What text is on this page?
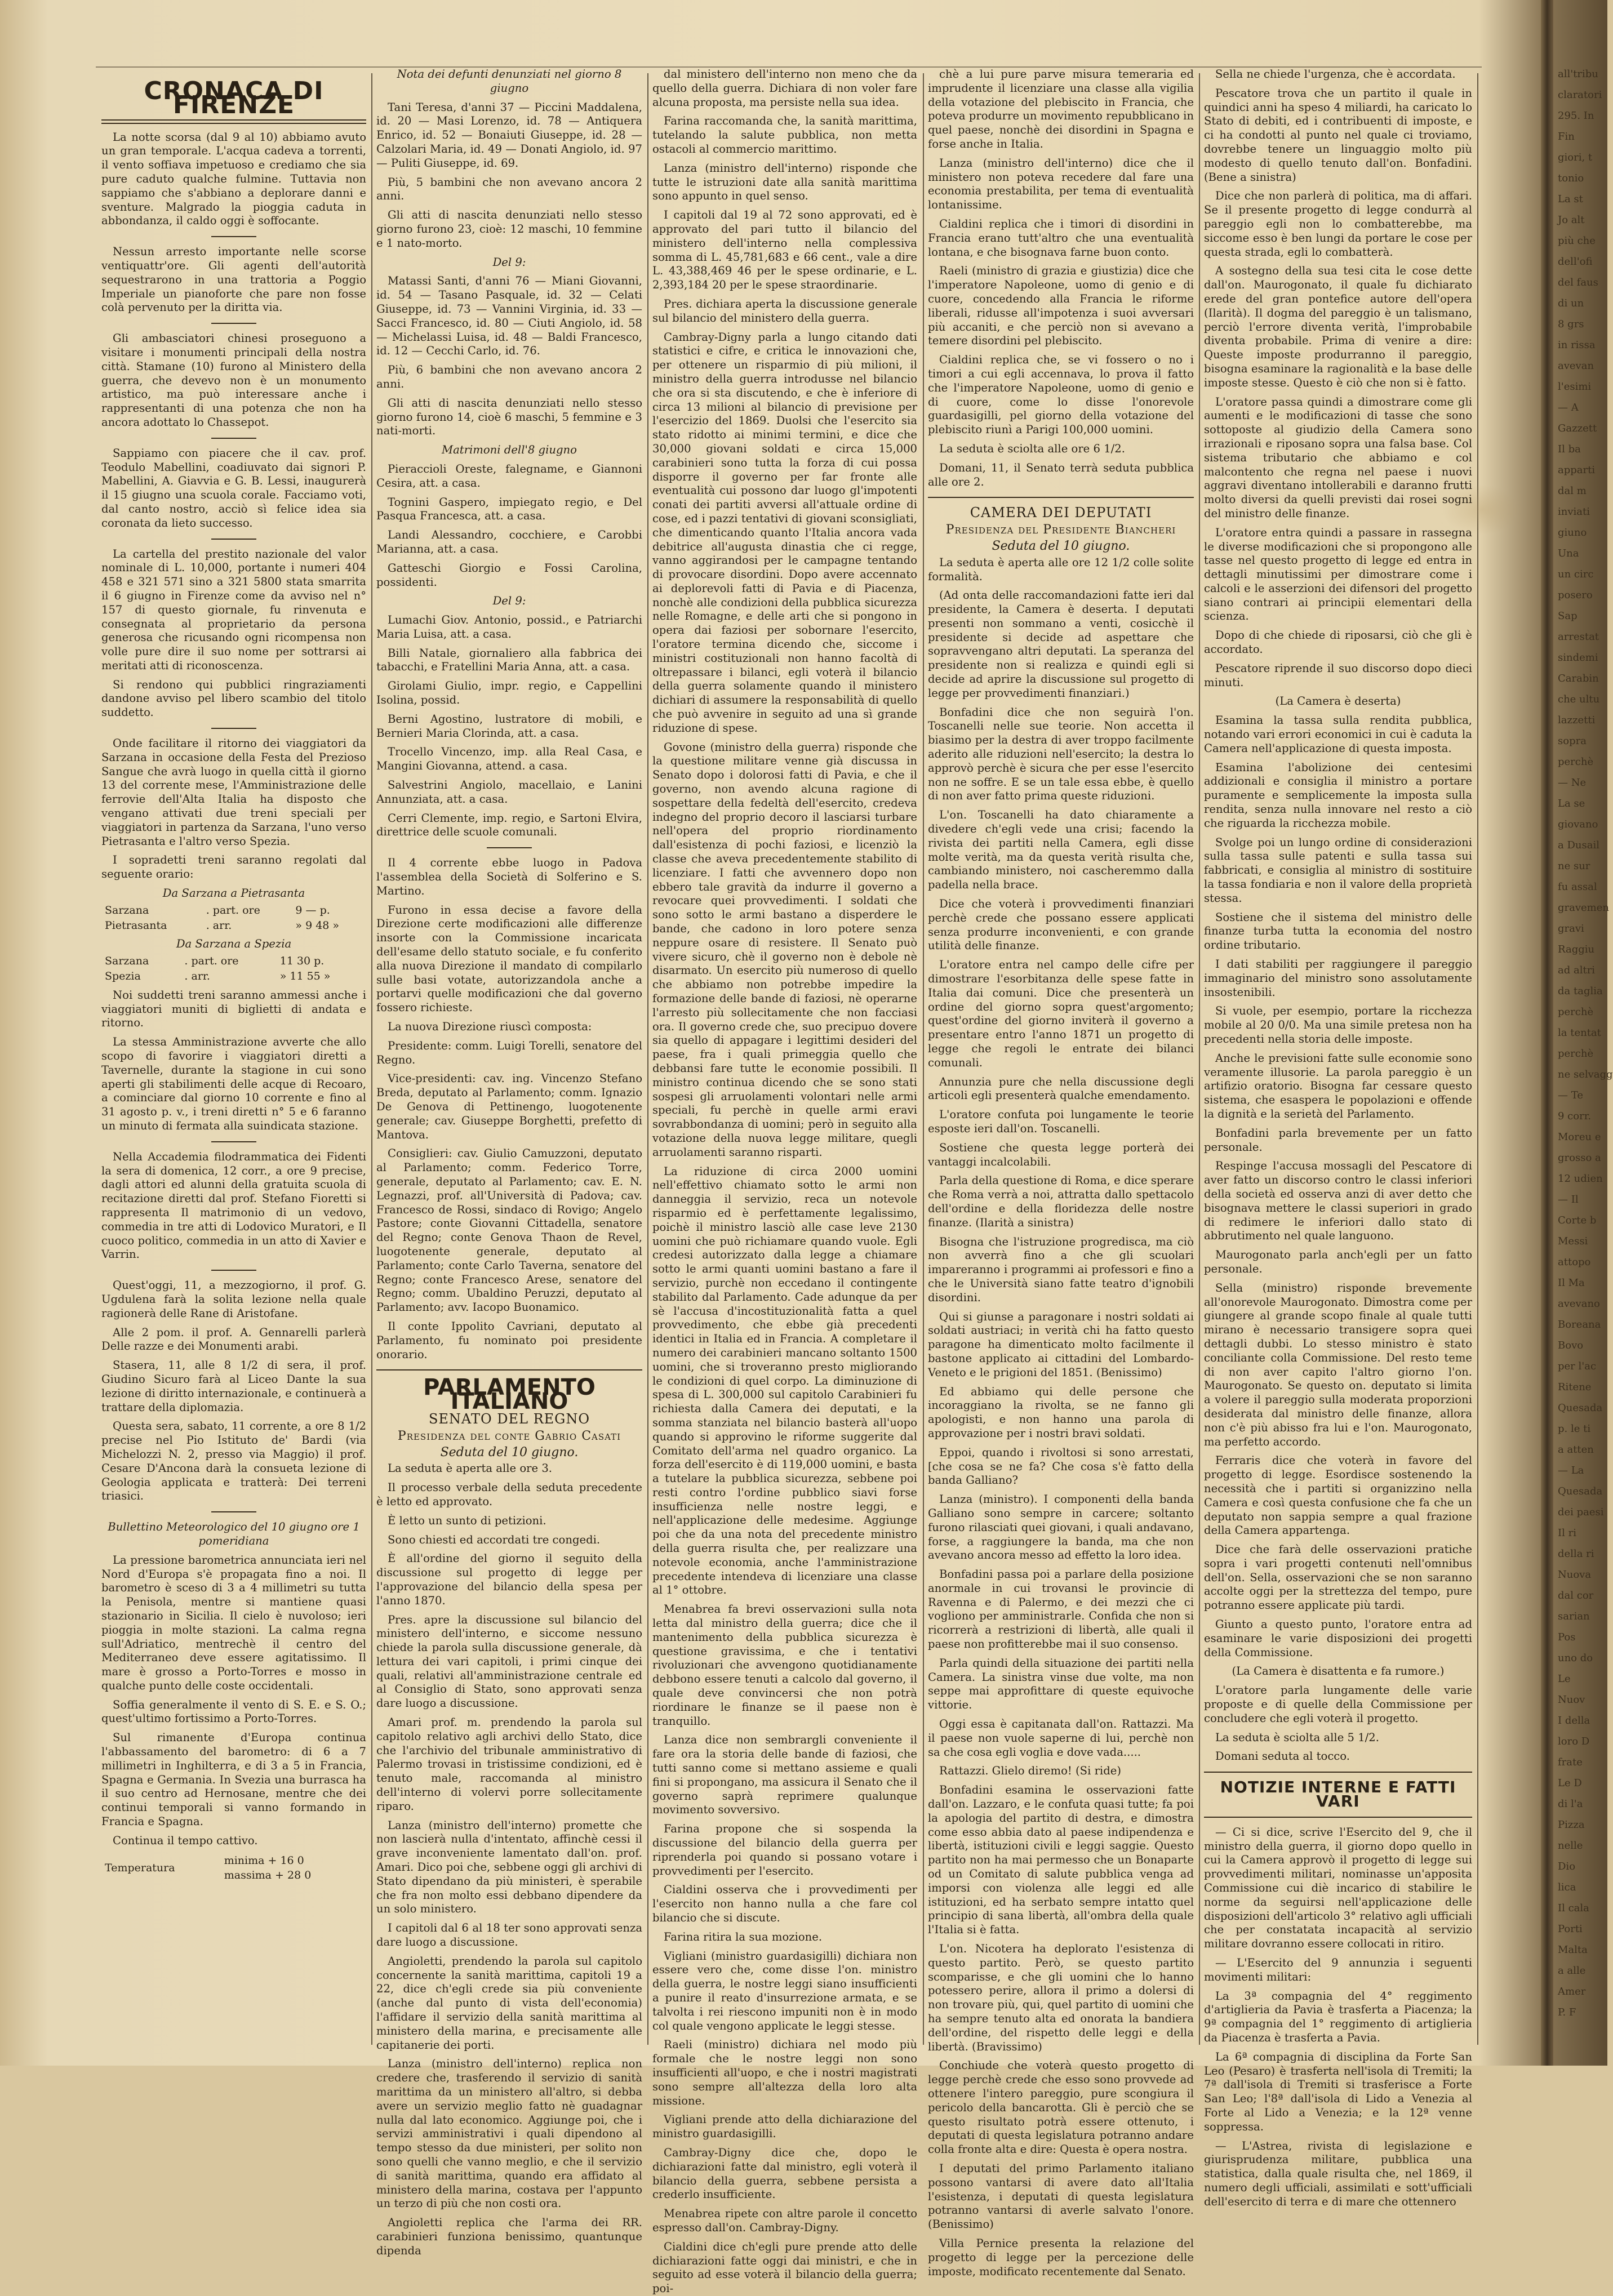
CRONACA DI FIRENZE

La notte scorsa (dal 9 al 10) abbiamo avuto un gran temporale. L'acqua cadeva a torrenti, il vento soffiava impetuoso e crediamo che sia pure caduto qualche fulmine. Tuttavia non sappiamo che s'abbiano a deplorare danni e sventure. Malgrado la pioggia caduta in abbondanza, il caldo oggi è soffocante.

Nessun arresto importante nelle scorse ventiquattr'ore. Gli agenti dell'autorità sequestrarono in una trattoria a Poggio Imperiale un pianoforte che pare non fosse colà pervenuto per la diritta via.

Gli ambasciatori chinesi proseguono a visitare i monumenti principali della nostra città. Stamane (10) furono al Ministero della guerra, che devevo non è un monumento artistico, ma può interessare anche i rappresentanti di una potenza che non ha ancora adottato lo Chassepot.

Sappiamo con piacere che il cav. prof. Teodulo Mabellini, coadiuvato dai signori P. Mabellini, A. Giavvia e G. B. Lessi, inaugurerà il 15 giugno una scuola corale. Facciamo voti, dal canto nostro, acciò sì felice idea sia coronata da lieto successo.

La cartella del prestito nazionale del valor nominale di L. 10,000, portante i numeri 404 458 e 321 571 sino a 321 5800 stata smarrita il 6 giugno in Firenze come da avviso nel n° 157 di questo giornale, fu rinvenuta e consegnata al proprietario da persona generosa che ricusando ogni ricompensa non volle pure dire il suo nome per sottrarsi ai meritati atti di riconoscenza.

Si rendono qui pubblici ringraziamenti dandone avviso pel libero scambio del titolo suddetto.

Onde facilitare il ritorno dei viaggiatori da Sarzana in occasione della Festa del Prezioso Sangue che avrà luogo in quella città il giorno 13 del corrente mese, l'Amministrazione delle ferrovie dell'Alta Italia ha disposto che vengano attivati due treni speciali per viaggiatori in partenza da Sarzana, l'uno verso Pietrasanta e l'altro verso Spezia.

I sopradetti treni saranno regolati dal seguente orario:

Da Sarzana a Pietrasanta
Sarzana	. part. ore	9 — p.
Pietrasanta	. arr.	» 9 48 »
Da Sarzana a Spezia
Sarzana	. part. ore	11 30 p.
Spezia	. arr.	» 11 55 »

Noi suddetti treni saranno ammessi anche i viaggiatori muniti di biglietti di andata e ritorno.

La stessa Amministrazione avverte che allo scopo di favorire i viaggiatori diretti a Tavernelle, durante la stagione in cui sono aperti gli stabilimenti delle acque di Recoaro, a cominciare dal giorno 10 corrente e fino al 31 agosto p. v., i treni diretti n° 5 e 6 faranno un minuto di fermata alla suindicata stazione.

Nella Accademia filodrammatica dei Fidenti la sera di domenica, 12 corr., a ore 9 precise, dagli attori ed alunni della gratuita scuola di recitazione diretti dal prof. Stefano Fioretti si rappresenta Il matrimonio di un vedovo, commedia in tre atti di Lodovico Muratori, e Il cuoco politico, commedia in un atto di Xavier e Varrin.

Quest'oggi, 11, a mezzogiorno, il prof. G. Ugdulena farà la solita lezione nella quale ragionerà delle Rane di Aristofane.

Alle 2 pom. il prof. A. Gennarelli parlerà Delle razze e dei Monumenti arabi.

Stasera, 11, alle 8 1/2 di sera, il prof. Giudino Sicuro farà al Liceo Dante la sua lezione di diritto internazionale, e continuerà a trattare della diplomazia.

Questa sera, sabato, 11 corrente, a ore 8 1/2 precise nel Pio Istituto de' Bardi (via Michelozzi N. 2, presso via Maggio) il prof. Cesare D'Ancona darà la consueta lezione di Geologia applicata e tratterà: Dei terreni triasici.

Bullettino Meteorologico del 10 giugno ore 1 pomeridiana

La pressione barometrica annunciata ieri nel Nord d'Europa s'è propagata fino a noi. Il barometro è sceso di 3 a 4 millimetri su tutta la Penisola, mentre si mantiene quasi stazionario in Sicilia. Il cielo è nuvoloso; ieri pioggia in molte stazioni. La calma regna sull'Adriatico, mentrechè il centro del Mediterraneo deve essere agitatissimo. Il mare è grosso a Porto-Torres e mosso in qualche punto delle coste occidentali.

Soffia generalmente il vento di S. E. e S. O.; quest'ultimo fortissimo a Porto-Torres.

Sul rimanente d'Europa continua l'abbassamento del barometro: di 6 a 7 millimetri in Inghilterra, e di 3 a 5 in Francia, Spagna e Germania. In Svezia una burrasca ha il suo centro ad Hernosane, mentre che dei continui temporali si vanno formando in Francia e Spagna.

Continua il tempo cattivo.

Temperatura	minima + 16 0
massima + 28 0

Nota dei defunti denunziati nel giorno 8 giugno

Tani Teresa, d'anni 37 — Piccini Maddalena, id. 20 — Masi Lorenzo, id. 78 — Antiquera Enrico, id. 52 — Bonaiuti Giuseppe, id. 28 — Calzolari Maria, id. 49 — Donati Angiolo, id. 97 — Puliti Giuseppe, id. 69.

Più, 5 bambini che non avevano ancora 2 anni.

Gli atti di nascita denunziati nello stesso giorno furono 23, cioè: 12 maschi, 10 femmine e 1 nato-morto.

Del 9:

Matassi Santi, d'anni 76 — Miani Giovanni, id. 54 — Tasano Pasquale, id. 32 — Celati Giuseppe, id. 73 — Vannini Virginia, id. 33 — Sacci Francesco, id. 80 — Ciuti Angiolo, id. 58 — Michelassi Luisa, id. 48 — Baldi Francesco, id. 12 — Cecchi Carlo, id. 76.

Più, 6 bambini che non avevano ancora 2 anni.

Gli atti di nascita denunziati nello stesso giorno furono 14, cioè 6 maschi, 5 femmine e 3 nati-morti.

Matrimoni dell'8 giugno

Pieraccioli Oreste, falegname, e Giannoni Cesira, att. a casa.

Tognini Gaspero, impiegato regio, e Del Pasqua Francesca, att. a casa.

Landi Alessandro, cocchiere, e Carobbi Marianna, att. a casa.

Gatteschi Giorgio e Fossi Carolina, possidenti.

Del 9:

Lumachi Giov. Antonio, possid., e Patriarchi Maria Luisa, att. a casa.

Billi Natale, giornaliero alla fabbrica dei tabacchi, e Fratellini Maria Anna, att. a casa.

Girolami Giulio, impr. regio, e Cappellini Isolina, possid.

Berni Agostino, lustratore di mobili, e Bernieri Maria Clorinda, att. a casa.

Trocello Vincenzo, imp. alla Real Casa, e Mangini Giovanna, attend. a casa.

Salvestrini Angiolo, macellaio, e Lanini Annunziata, att. a casa.

Cerri Clemente, imp. regio, e Sartoni Elvira, direttrice delle scuole comunali.

Il 4 corrente ebbe luogo in Padova l'assemblea della Società di Solferino e S. Martino.

Furono in essa decise a favore della Direzione certe modificazioni alle differenze insorte con la Commissione incaricata dell'esame dello statuto sociale, e fu conferito alla nuova Direzione il mandato di compilarlo sulle basi votate, autorizzandola anche a portarvi quelle modificazioni che dal governo fossero richieste.

La nuova Direzione riuscì composta:

Presidente: comm. Luigi Torelli, senatore del Regno.

Vice-presidenti: cav. ing. Vincenzo Stefano Breda, deputato al Parlamento; comm. Ignazio De Genova di Pettinengo, luogotenente generale; cav. Giuseppe Borghetti, prefetto di Mantova.

Consiglieri: cav. Giulio Camuzzoni, deputato al Parlamento; comm. Federico Torre, generale, deputato al Parlamento; cav. E. N. Legnazzi, prof. all'Università di Padova; cav. Francesco de Rossi, sindaco di Rovigo; Angelo Pastore; conte Giovanni Cittadella, senatore del Regno; conte Genova Thaon de Revel, luogotenente generale, deputato al Parlamento; conte Carlo Taverna, senatore del Regno; conte Francesco Arese, senatore del Regno; comm. Ubaldino Peruzzi, deputato al Parlamento; avv. Iacopo Buonamico.

Il conte Ippolito Cavriani, deputato al Parlamento, fu nominato poi presidente onorario.

PARLAMENTO ITALIANO
SENATO DEL REGNO
Presidenza del conte Gabrio Casati
Seduta del 10 giugno.

La seduta è aperta alle ore 3.

Il processo verbale della seduta precedente è letto ed approvato.

È letto un sunto di petizioni.

Sono chiesti ed accordati tre congedi.

È all'ordine del giorno il seguito della discussione sul progetto di legge per l'approvazione del bilancio della spesa per l'anno 1870.

Pres. apre la discussione sul bilancio del ministero dell'interno, e siccome nessuno chiede la parola sulla discussione generale, dà lettura dei vari capitoli, i primi cinque dei quali, relativi all'amministrazione centrale ed al Consiglio di Stato, sono approvati senza dare luogo a discussione.

Amari prof. m. prendendo la parola sul capitolo relativo agli archivi dello Stato, dice che l'archivio del tribunale amministrativo di Palermo trovasi in tristissime condizioni, ed è tenuto male, raccomanda al ministro dell'interno di volervi porre sollecitamente riparo.

Lanza (ministro dell'interno) promette che non lascierà nulla d'intentato, affinchè cessi il grave inconveniente lamentato dall'on. prof. Amari. Dico poi che, sebbene oggi gli archivi di Stato dipendano da più ministeri, è sperabile che fra non molto essi debbano dipendere da un solo ministero.

I capitoli dal 6 al 18 ter sono approvati senza dare luogo a discussione.

Angioletti, prendendo la parola sul capitolo concernente la sanità marittima, capitoli 19 a 22, dice ch'egli crede sia più conveniente (anche dal punto di vista dell'economia) l'affidare il servizio della sanità marittima al ministero della marina, e precisamente alle capitanerie dei porti.

Lanza (ministro dell'interno) replica non credere che, trasferendo il servizio di sanità marittima da un ministero all'altro, si debba avere un servizio meglio fatto nè guadagnar nulla dal lato economico. Aggiunge poi, che i servizi amministrativi i quali dipendono al tempo stesso da due ministeri, per solito non sono quelli che vanno meglio, e che il servizio di sanità marittima, quando era affidato al ministero della marina, costava per l'appunto un terzo di più che non costi ora.

Angioletti replica che l'arma dei RR. carabinieri funziona benissimo, quantunque dipenda

dal ministero dell'interno non meno che da quello della guerra. Dichiara di non voler fare alcuna proposta, ma persiste nella sua idea.

Farina raccomanda che, la sanità marittima, tutelando la salute pubblica, non metta ostacoli al commercio marittimo.

Lanza (ministro dell'interno) risponde che tutte le istruzioni date alla sanità marittima sono appunto in quel senso.

I capitoli dal 19 al 72 sono approvati, ed è approvato del pari tutto il bilancio del ministero dell'interno nella complessiva somma di L. 45,781,683 e 66 cent., vale a dire L. 43,388,469 46 per le spese ordinarie, e L. 2,393,184 20 per le spese straordinarie.

Pres. dichiara aperta la discussione generale sul bilancio del ministero della guerra.

Cambray-Digny parla a lungo citando dati statistici e cifre, e critica le innovazioni che, per ottenere un risparmio di più milioni, il ministro della guerra introdusse nel bilancio che ora si sta discutendo, e che è inferiore di circa 13 milioni al bilancio di previsione per l'esercizio del 1869. Duolsi che l'esercito sia stato ridotto ai minimi termini, e dice che 30,000 giovani soldati e circa 15,000 carabinieri sono tutta la forza di cui possa disporre il governo per far fronte alle eventualità cui possono dar luogo gl'impotenti conati dei partiti avversi all'attuale ordine di cose, ed i pazzi tentativi di giovani sconsigliati, che dimenticando quanto l'Italia ancora vada debitrice all'augusta dinastia che ci regge, vanno aggirandosi per le campagne tentando di provocare disordini. Dopo avere accennato ai deplorevoli fatti di Pavia e di Piacenza, nonchè alle condizioni della pubblica sicurezza nelle Romagne, e delle arti che si pongono in opera dai faziosi per sobornare l'esercito, l'oratore termina dicendo che, siccome i ministri costituzionali non hanno facoltà di oltrepassare i bilanci, egli voterà il bilancio della guerra solamente quando il ministero dichiari di assumere la responsabilità di quello che può avvenire in seguito ad una sì grande riduzione di spese.

Govone (ministro della guerra) risponde che la questione militare venne già discussa in Senato dopo i dolorosi fatti di Pavia, e che il governo, non avendo alcuna ragione di sospettare della fedeltà dell'esercito, credeva indegno del proprio decoro il lasciarsi turbare nell'opera del proprio riordinamento dall'esistenza di pochi faziosi, e licenziò la classe che aveva precedentemente stabilito di licenziare. I fatti che avvennero dopo non ebbero tale gravità da indurre il governo a revocare quei provvedimenti. I soldati che sono sotto le armi bastano a disperdere le bande, che cadono in loro potere senza neppure osare di resistere. Il Senato può vivere sicuro, chè il governo non è debole nè disarmato. Un esercito più numeroso di quello che abbiamo non potrebbe impedire la formazione delle bande di faziosi, nè operarne l'arresto più sollecitamente che non facciasi ora. Il governo crede che, suo precipuo dovere sia quello di appagare i legittimi desideri del paese, fra i quali primeggia quello che debbansi fare tutte le economie possibili. Il ministro continua dicendo che se sono stati sospesi gli arruolamenti volontari nelle armi speciali, fu perchè in quelle armi eravi sovrabbondanza di uomini; però in seguito alla votazione della nuova legge militare, quegli arruolamenti saranno risparti.

La riduzione di circa 2000 uomini nell'effettivo chiamato sotto le armi non danneggia il servizio, reca un notevole risparmio ed è perfettamente legalissimo, poichè il ministro lasciò alle case leve 2130 uomini che può richiamare quando vuole. Egli credesi autorizzato dalla legge a chiamare sotto le armi quanti uomini bastano a fare il servizio, purchè non eccedano il contingente stabilito dal Parlamento. Cade adunque da per sè l'accusa d'incostituzionalità fatta a quel provvedimento, che ebbe già precedenti identici in Italia ed in Francia. A completare il numero dei carabinieri mancano soltanto 1500 uomini, che si troveranno presto migliorando le condizioni di quel corpo. La diminuzione di spesa di L. 300,000 sul capitolo Carabinieri fu richiesta dalla Camera dei deputati, e la somma stanziata nel bilancio basterà all'uopo quando si approvino le riforme suggerite dal Comitato dell'arma nel quadro organico. La forza dell'esercito è di 119,000 uomini, e basta a tutelare la pubblica sicurezza, sebbene poi resti contro l'ordine pubblico siavi forse insufficienza nelle nostre leggi, e nell'applicazione delle medesime. Aggiunge poi che da una nota del precedente ministro della guerra risulta che, per realizzare una notevole economia, anche l'amministrazione precedente intendeva di licenziare una classe al 1° ottobre.

Menabrea fa brevi osservazioni sulla nota letta dal ministro della guerra; dice che il mantenimento della pubblica sicurezza è questione gravissima, e che i tentativi rivoluzionari che avvengono quotidianamente debbono essere tenuti a calcolo dal governo, il quale deve convincersi che non potrà riordinare le finanze se il paese non è tranquillo.

Lanza dice non sembrargli conveniente il fare ora la storia delle bande di faziosi, che tutti sanno come si mettano assieme e quali fini si propongano, ma assicura il Senato che il governo saprà reprimere qualunque movimento sovversivo.

Farina propone che si sospenda la discussione del bilancio della guerra per riprenderla poi quando si possano votare i provvedimenti per l'esercito.

Cialdini osserva che i provvedimenti per l'esercito non hanno nulla a che fare col bilancio che si discute.

Farina ritira la sua mozione.

Vigliani (ministro guardasigilli) dichiara non essere vero che, come disse l'on. ministro della guerra, le nostre leggi siano insufficienti a punire il reato d'insurrezione armata, e se talvolta i rei riescono impuniti non è in modo col quale vengono applicate le leggi stesse.

Raeli (ministro) dichiara nel modo più formale che le nostre leggi non sono insufficienti all'uopo, e che i nostri magistrati sono sempre all'altezza della loro alta missione.

Vigliani prende atto della dichiarazione del ministro guardasigilli.

Cambray-Digny dice che, dopo le dichiarazioni fatte dal ministro, egli voterà il bilancio della guerra, sebbene persista a crederlo insufficiente.

Menabrea ripete con altre parole il concetto espresso dall'on. Cambray-Digny.

Cialdini dice ch'egli pure prende atto delle dichiarazioni fatte oggi dai ministri, e che in seguito ad esse voterà il bilancio della guerra; poi-

chè a lui pure parve misura temeraria ed imprudente il licenziare una classe alla vigilia della votazione del plebiscito in Francia, che poteva produrre un movimento repubblicano in quel paese, nonchè dei disordini in Spagna e forse anche in Italia.

Lanza (ministro dell'interno) dice che il ministero non poteva recedere dal fare una economia prestabilita, per tema di eventualità lontanissime.

Cialdini replica che i timori di disordini in Francia erano tutt'altro che una eventualità lontana, e che bisognava farne buon conto.

Raeli (ministro di grazia e giustizia) dice che l'imperatore Napoleone, uomo di genio e di cuore, concedendo alla Francia le riforme liberali, ridusse all'impotenza i suoi avversari più accaniti, e che perciò non si avevano a temere disordini pel plebiscito.

Cialdini replica che, se vi fossero o no i timori a cui egli accennava, lo prova il fatto che l'imperatore Napoleone, uomo di genio e di cuore, come lo disse l'onorevole guardasigilli, pel giorno della votazione del plebiscito riunì a Parigi 100,000 uomini.

La seduta è sciolta alle ore 6 1/2.

Domani, 11, il Senato terrà seduta pubblica alle ore 2.

CAMERA DEI DEPUTATI
Presidenza del Presidente Biancheri
Seduta del 10 giugno.

La seduta è aperta alle ore 12 1/2 colle solite formalità.

(Ad onta delle raccomandazioni fatte ieri dal presidente, la Camera è deserta. I deputati presenti non sommano a venti, cosicchè il presidente si decide ad aspettare che sopravvengano altri deputati. La speranza del presidente non si realizza e quindi egli si decide ad aprire la discussione sul progetto di legge per provvedimenti finanziari.)

Bonfadini dice che non seguirà l'on. Toscanelli nelle sue teorie. Non accetta il biasimo per la destra di aver troppo facilmente aderito alle riduzioni nell'esercito; la destra lo approvò perchè è sicura che per esse l'esercito non ne soffre. E se un tale essa ebbe, è quello di non aver fatto prima queste riduzioni.

L'on. Toscanelli ha dato chiaramente a divedere ch'egli vede una crisi; facendo la rivista dei partiti nella Camera, egli disse molte verità, ma da questa verità risulta che, cambiando ministero, noi cascheremmo dalla padella nella brace.

Dice che voterà i provvedimenti finanziari perchè crede che possano essere applicati senza produrre inconvenienti, e con grande utilità delle finanze.

L'oratore entra nel campo delle cifre per dimostrare l'esorbitanza delle spese fatte in Italia dai comuni. Dice che presenterà un ordine del giorno sopra quest'argomento; quest'ordine del giorno inviterà il governo a presentare entro l'anno 1871 un progetto di legge che regoli le entrate dei bilanci comunali.

Annunzia pure che nella discussione degli articoli egli presenterà qualche emendamento.

L'oratore confuta poi lungamente le teorie esposte ieri dall'on. Toscanelli.

Sostiene che questa legge porterà dei vantaggi incalcolabili.

Parla della questione di Roma, e dice sperare che Roma verrà a noi, attratta dallo spettacolo dell'ordine e della floridezza delle nostre finanze. (Ilarità a sinistra)

Bisogna che l'istruzione progredisca, ma ciò non avverrà fino a che gli scuolari impareranno i programmi ai professori e fino a che le Università siano fatte teatro d'ignobili disordini.

Qui si giunse a paragonare i nostri soldati ai soldati austriaci; in verità chi ha fatto questo paragone ha dimenticato molto facilmente il bastone applicato ai cittadini del Lombardo-Veneto e le prigioni del 1851. (Benissimo)

Ed abbiamo qui delle persone che incoraggiano la rivolta, se ne fanno gli apologisti, e non hanno una parola di approvazione per i nostri bravi soldati.

Eppoi, quando i rivoltosi si sono arrestati, [che cosa se ne fa? Che cosa s'è fatto della banda Galliano?

Lanza (ministro). I componenti della banda Galliano sono sempre in carcere; soltanto furono rilasciati quei giovani, i quali andavano, forse, a raggiungere la banda, ma che non avevano ancora messo ad effetto la loro idea.

Bonfadini passa poi a parlare della posizione anormale in cui trovansi le provincie di Ravenna e di Palermo, e dei mezzi che ci vogliono per amministrarle. Confida che non si ricorrerà a restrizioni di libertà, alle quali il paese non profitterebbe mai il suo consenso.

Parla quindi della situazione dei partiti nella Camera. La sinistra vinse due volte, ma non seppe mai approfittare di queste equivoche vittorie.

Oggi essa è capitanata dall'on. Rattazzi. Ma il paese non vuole saperne di lui, perchè non sa che cosa egli voglia e dove vada.....

Rattazzi. Glielo diremo! (Si ride)

Bonfadini esamina le osservazioni fatte dall'on. Lazzaro, e le confuta quasi tutte; fa poi la apologia del partito di destra, e dimostra come esso abbia dato al paese indipendenza e libertà, istituzioni civili e leggi saggie. Questo partito non ha mai permesso che un Bonaparte od un Comitato di salute pubblica venga ad imporsi con violenza alle leggi ed alle istituzioni, ed ha serbato sempre intatto quel principio di sana libertà, all'ombra della quale l'Italia si è fatta.

L'on. Nicotera ha deplorato l'esistenza di questo partito. Però, se questo partito scomparisse, e che gli uomini che lo hanno potessero perire, allora il primo a dolersi di non trovare più, qui, quel partito di uomini che ha sempre tenuto alta ed onorata la bandiera dell'ordine, del rispetto delle leggi e della libertà. (Bravissimo)

Conchiude che voterà questo progetto di legge perchè crede che esso sono provvede ad ottenere l'intero pareggio, pure scongiura il pericolo della bancarotta. Gli è perciò che se questo risultato potrà essere ottenuto, i deputati di questa legislatura potranno andare colla fronte alta e dire: Questa è opera nostra.

I deputati del primo Parlamento italiano possono vantarsi di avere dato all'Italia l'esistenza, i deputati di questa legislatura potranno vantarsi di averle salvato l'onore. (Benissimo)

Villa Pernice presenta la relazione del progetto di legge per la percezione delle imposte, modificato recentemente dal Senato.

Sella ne chiede l'urgenza, che è accordata.

Pescatore trova che un partito il quale in quindici anni ha speso 4 miliardi, ha caricato lo Stato di debiti, ed i contribuenti di imposte, e ci ha condotti al punto nel quale ci troviamo, dovrebbe tenere un linguaggio molto più modesto di quello tenuto dall'on. Bonfadini. (Bene a sinistra)

Dice che non parlerà di politica, ma di affari. Se il presente progetto di legge condurrà al pareggio egli non lo combatterebbe, ma siccome esso è ben lungi da portare le cose per questa strada, egli lo combatterà.

A sostegno della sua tesi cita le cose dette dall'on. Maurogonato, il quale fu dichiarato erede del gran pontefice autore dell'opera (Ilarità). Il dogma del pareggio è un talismano, perciò l'errore diventa verità, l'improbabile diventa probabile. Prima di venire a dire: Queste imposte produrranno il pareggio, bisogna esaminare la ragionalità e la base delle imposte stesse. Questo è ciò che non si è fatto.

L'oratore passa quindi a dimostrare come gli aumenti e le modificazioni di tasse che sono sottoposte al giudizio della Camera sono irrazionali e riposano sopra una falsa base. Col sistema tributario che abbiamo e col malcontento che regna nel paese i nuovi aggravi diventano intollerabili e daranno frutti molto diversi da quelli previsti dai rosei sogni del ministro delle finanze.

L'oratore entra quindi a passare in rassegna le diverse modificazioni che si propongono alle tasse nel questo progetto di legge ed entra in dettagli minutissimi per dimostrare come i calcoli e le asserzioni dei difensori del progetto siano contrari ai principii elementari della scienza.

Dopo di che chiede di riposarsi, ciò che gli è accordato.

Pescatore riprende il suo discorso dopo dieci minuti.

(La Camera è deserta)

Esamina la tassa sulla rendita pubblica, notando vari errori economici in cui è caduta la Camera nell'applicazione di questa imposta.

Esamina l'abolizione dei centesimi addizionali e consiglia il ministro a portare puramente e semplicemente la imposta sulla rendita, senza nulla innovare nel resto a ciò che riguarda la ricchezza mobile.

Svolge poi un lungo ordine di considerazioni sulla tassa sulle patenti e sulla tassa sui fabbricati, e consiglia al ministro di sostituire la tassa fondiaria e non il valore della proprietà stessa.

Sostiene che il sistema del ministro delle finanze turba tutta la economia del nostro ordine tributario.

I dati stabiliti per raggiungere il pareggio immaginario del ministro sono assolutamente insostenibili.

Si vuole, per esempio, portare la ricchezza mobile al 20 0/0. Ma una simile pretesa non ha precedenti nella storia delle imposte.

Anche le previsioni fatte sulle economie sono veramente illusorie. La parola pareggio è un artifizio oratorio. Bisogna far cessare questo sistema, che esaspera le popolazioni e offende la dignità e la serietà del Parlamento.

Bonfadini parla brevemente per un fatto personale.

Respinge l'accusa mossagli del Pescatore di aver fatto un discorso contro le classi inferiori della società ed osserva anzi di aver detto che bisognava mettere le classi superiori in grado di redimere le inferiori dallo stato di abbrutimento nel quale languono.

Maurogonato parla anch'egli per un fatto personale.

Sella (ministro) risponde brevemente all'onorevole Maurogonato. Dimostra come per giungere al grande scopo finale al quale tutti mirano è necessario transigere sopra quei dettagli dubbi. Lo stesso ministro è stato conciliante colla Commissione. Del resto teme di non aver capito l'altro giorno l'on. Maurogonato. Se questo on. deputato si limita a volere il pareggio sulla moderata proporzioni desiderata dal ministro delle finanze, allora non c'è più abisso fra lui e l'on. Maurogonato, ma perfetto accordo.

Ferraris dice che voterà in favore del progetto di legge. Esordisce sostenendo la necessità che i partiti si organizzino nella Camera e così questa confusione che fa che un deputato non sappia sempre a qual frazione della Camera appartenga.

Dice che farà delle osservazioni pratiche sopra i vari progetti contenuti nell'omnibus dell'on. Sella, osservazioni che se non saranno accolte oggi per la strettezza del tempo, pure potranno essere applicate più tardi.

Giunto a questo punto, l'oratore entra ad esaminare le varie disposizioni dei progetti della Commissione.

(La Camera è disattenta e fa rumore.)

L'oratore parla lungamente delle varie proposte e di quelle della Commissione per concludere che egli voterà il progetto.

La seduta è sciolta alle 5 1/2.

Domani seduta al tocco.

NOTIZIE INTERNE E FATTI VARI

— Ci si dice, scrive l'Esercito del 9, che il ministro della guerra, il giorno dopo quello in cui la Camera approvò il progetto di legge sui provvedimenti militari, nominasse un'apposita Commissione cui diè incarico di stabilire le norme da seguirsi nell'applicazione delle disposizioni dell'articolo 3° relativo agli ufficiali che per constatata incapacità al servizio militare dovranno essere collocati in ritiro.

— L'Esercito del 9 annunzia i seguenti movimenti militari:

La 3ª compagnia del 4° reggimento d'artiglieria da Pavia è trasferta a Piacenza; la 9ª compagnia del 1° reggimento di artiglieria da Piacenza è trasferta a Pavia.

La 6ª compagnia di disciplina da Forte San Leo (Pesaro) è trasferta nell'isola di Tremiti; la 7ª dall'isola di Tremiti si trasferisce a Forte San Leo; l'8ª dall'isola di Lido a Venezia al Forte al Lido a Venezia; e la 12ª venne soppressa.

— L'Astrea, rivista di legislazione e giurisprudenza militare, pubblica una statistica, dalla quale risulta che, nel 1869, il numero degli ufficiali, assimilati e sott'ufficiali dell'esercito di terra e di mare che ottennero

all'tribu
claratori
295. In
Fin
giori, t
tonio
La st
Jo alt
più che
dell'ofi
del faus
di un
8 grs
in rissa
avevan
l'esimi
— A
Gazzett
Il ba
apparti
dal m
inviati
giuno
Una
un circ
posero
Sap
arrestat
sindemi
Carabin
che ultu
lazzetti
sopra
perchè
— Ne
La se
giovano
a Dusail
ne sur
fu assal
gravemen
gravi
Raggiu
ad altri
da taglia
perchè
la tentat
perchè
ne selvagg
— Te
9 corr.
Moreu e
grosso a
12 udien
— Il
Corte b
Messi
attopo
Il Ma
avevano
Boreana
Bovo
per l'ac
Ritene
Quesada
p. le ti
a atten
— La
Quesada
dei paesi
Il ri
della ri
Nuova
dal cor
sarian
Pos
uno do
Le
Nuov
I della
loro D
frate
Le D
di l'a
Pizza
nelle
Dio
lica
Il cala
Porti
Malta
a alle
Amer
P. F
